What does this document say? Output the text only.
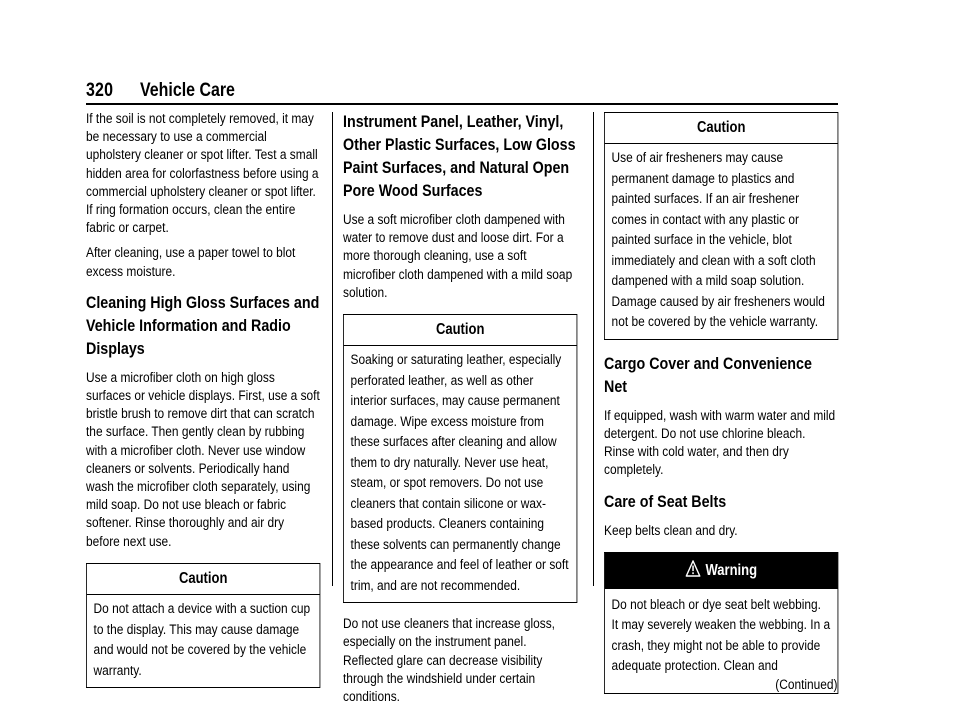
320 Vehicle Care

If the soil is not completely removed, it may be necessary to use a commercial upholstery cleaner or spot lifter. Test a small hidden area for colorfastness before using a commercial upholstery cleaner or spot lifter. If ring formation occurs, clean the entire fabric or carpet.

After cleaning, use a paper towel to blot excess moisture.

Cleaning High Gloss Surfaces and Vehicle Information and Radio Displays

Use a microfiber cloth on high gloss surfaces or vehicle displays. First, use a soft bristle brush to remove dirt that can scratch the surface. Then gently clean by rubbing with a microfiber cloth. Never use window cleaners or solvents. Periodically hand wash the microfiber cloth separately, using mild soap. Do not use bleach or fabric softener. Rinse thoroughly and air dry before next use.

Caution
Do not attach a device with a suction cup to the display. This may cause damage and would not be covered by the vehicle warranty.
Instrument Panel, Leather, Vinyl, Other Plastic Surfaces, Low Gloss Paint Surfaces, and Natural Open Pore Wood Surfaces

Use a soft microfiber cloth dampened with water to remove dust and loose dirt. For a more thorough cleaning, use a soft microfiber cloth dampened with a mild soap solution.

Caution
Soaking or saturating leather, especially perforated leather, as well as other interior surfaces, may cause permanent damage. Wipe excess moisture from these surfaces after cleaning and allow them to dry naturally. Never use heat, steam, or spot removers. Do not use cleaners that contain silicone or wax-based products. Cleaners containing these solvents can permanently change the appearance and feel of leather or soft trim, and are not recommended.

Do not use cleaners that increase gloss, especially on the instrument panel. Reflected glare can decrease visibility through the windshield under certain conditions.

Caution
Use of air fresheners may cause permanent damage to plastics and painted surfaces. If an air freshener comes in contact with any plastic or painted surface in the vehicle, blot immediately and clean with a soft cloth dampened with a mild soap solution. Damage caused by air fresheners would not be covered by the vehicle warranty.
Cargo Cover and Convenience Net

If equipped, wash with warm water and mild detergent. Do not use chlorine bleach. Rinse with cold water, and then dry completely.

Care of Seat Belts

Keep belts clean and dry.

Warning
Do not bleach or dye seat belt webbing. It may severely weaken the webbing. In a crash, they might not be able to provide adequate protection. Clean and
(Continued)
